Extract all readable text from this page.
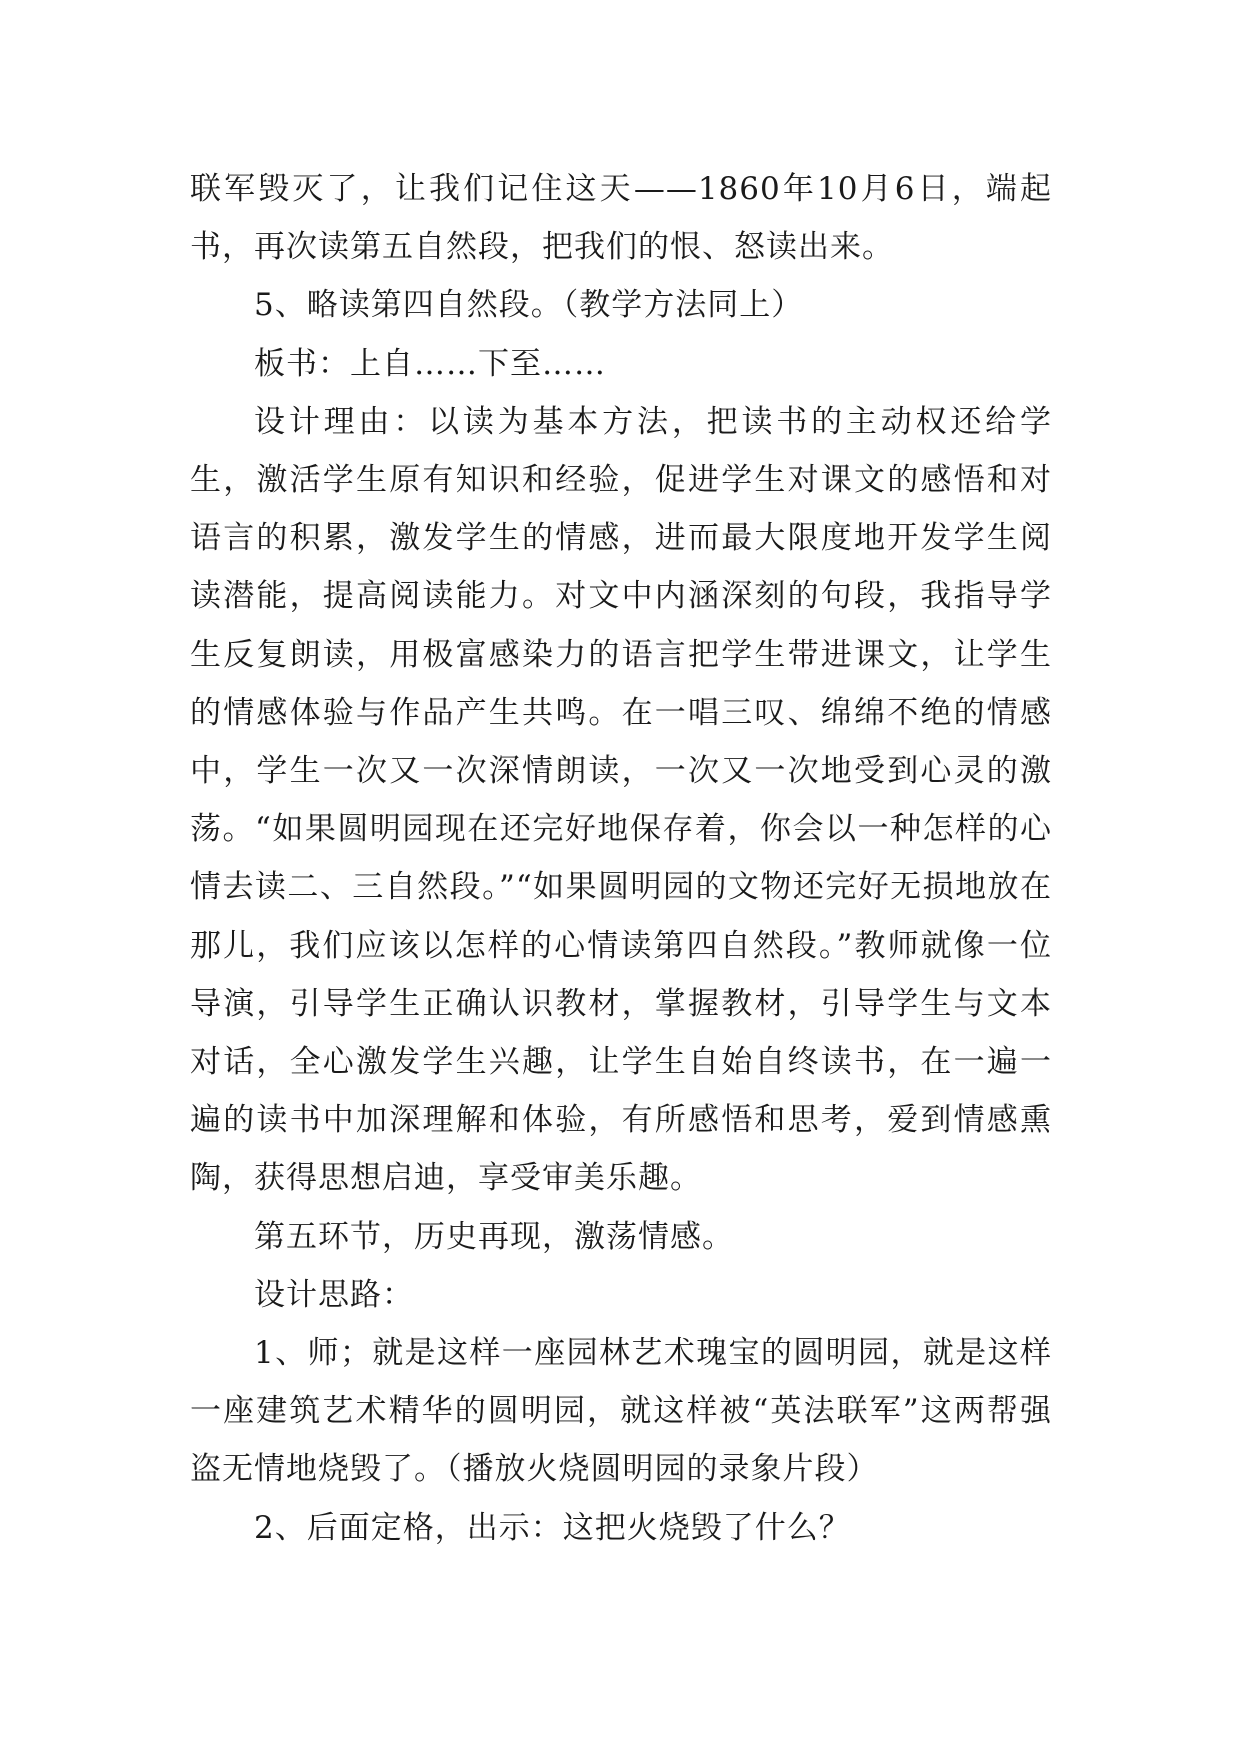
联军毁灭了，让我们记住这天——1860年10月6日，端起书，再次读第五自然段，把我们的恨、怒读出来。

5、略读第四自然段。（教学方法同上）

板书：上自……下至……

设计理由：以读为基本方法，把读书的主动权还给学生，激活学生原有知识和经验，促进学生对课文的感悟和对语言的积累，激发学生的情感，进而最大限度地开发学生阅读潜能，提高阅读能力。对文中内涵深刻的句段，我指导学生反复朗读，用极富感染力的语言把学生带进课文，让学生的情感体验与作品产生共鸣。在一唱三叹、绵绵不绝的情感中，学生一次又一次深情朗读，一次又一次地受到心灵的激荡。“如果圆明园现在还完好地保存着，你会以一种怎样的心情去读二、三自然段。”“如果圆明园的文物还完好无损地放在那儿，我们应该以怎样的心情读第四自然段。”教师就像一位导演，引导学生正确认识教材，掌握教材，引导学生与文本对话，全心激发学生兴趣，让学生自始自终读书，在一遍一遍的读书中加深理解和体验，有所感悟和思考，爱到情感熏陶，获得思想启迪，享受审美乐趣。

第五环节，历史再现，激荡情感。

设计思路：

1、师；就是这样一座园林艺术瑰宝的圆明园，就是这样一座建筑艺术精华的圆明园，就这样被“英法联军”这两帮强盗无情地烧毁了。（播放火烧圆明园的录象片段）

2、后面定格，出示：这把火烧毁了什么？
